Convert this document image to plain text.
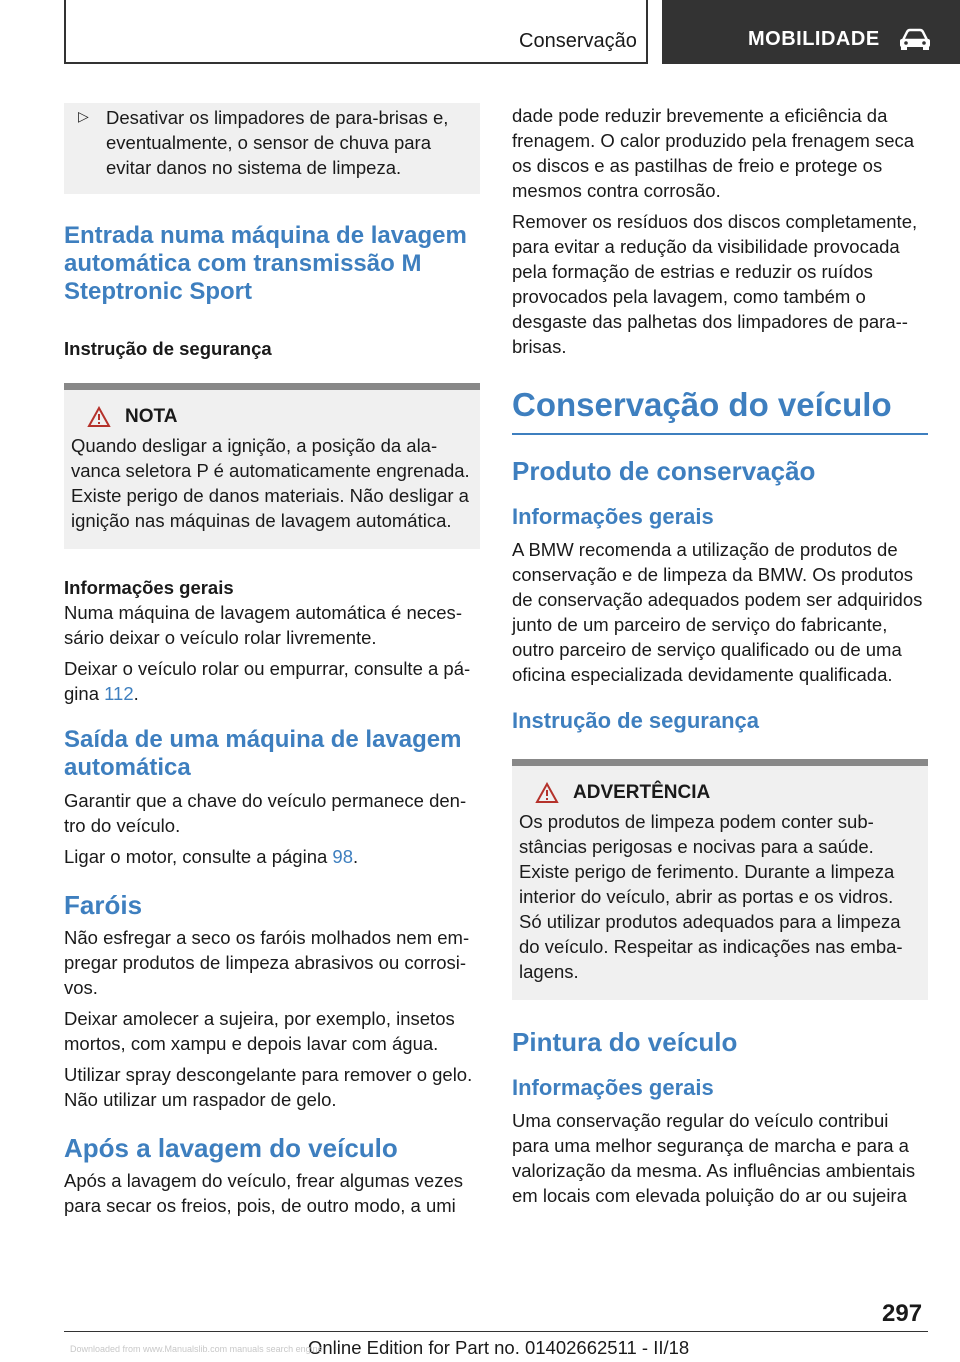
Conservação	MOBILIDADE
▷ Desativar os limpadores de para-brisas e, eventualmente, o sensor de chuva para evitar danos no sistema de limpeza.

Entrada numa máquina de lavagem automática com transmissão M Steptronic Sport

Instrução de segurança

NOTA

Quando desligar a ignição, a posição da alavanca seletora P é automaticamente engrenada. Existe perigo de danos materiais. Não desligar a ignição nas máquinas de lavagem automática.

Informações gerais

Numa máquina de lavagem automática é necessário deixar o veículo rolar livremente.

Deixar o veículo rolar ou empurrar, consulte a página 112.

Saída de uma máquina de lavagem automática

Garantir que a chave do veículo permanece dentro do veículo.

Ligar o motor, consulte a página 98.

Faróis

Não esfregar a seco os faróis molhados nem empregar produtos de limpeza abrasivos ou corrosivos.

Deixar amolecer a sujeira, por exemplo, insetos mortos, com xampu e depois lavar com água.

Utilizar spray descongelante para remover o gelo. Não utilizar um raspador de gelo.

Após a lavagem do veículo

Após a lavagem do veículo, frear algumas vezes para secar os freios, pois, de outro modo, a umi

dade pode reduzir brevemente a eficiência da frenagem. O calor produzido pela frenagem seca os discos e as pastilhas de freio e protege os mesmos contra corrosão.

Remover os resíduos dos discos completamente, para evitar a redução da visibilidade provocada pela formação de estrias e reduzir os ruídos provocados pela lavagem, como também o desgaste das palhetas dos limpadores de para-brisas.

Conservação do veículo

Produto de conservação

Informações gerais

A BMW recomenda a utilização de produtos de conservação e de limpeza da BMW. Os produtos de conservação adequados podem ser adquiridos junto de um parceiro de serviço do fabricante, outro parceiro de serviço qualificado ou de uma oficina especializada devidamente qualificada.

Instrução de segurança

ADVERTÊNCIA

Os produtos de limpeza podem conter substâncias perigosas e nocivas para a saúde. Existe perigo de ferimento. Durante a limpeza interior do veículo, abrir as portas e os vidros. Só utilizar produtos adequados para a limpeza do veículo. Respeitar as indicações nas embalagens.

Pintura do veículo

Informações gerais

Uma conservação regular do veículo contribui para uma melhor segurança de marcha e para a valorização da mesma. As influências ambientais em locais com elevada poluição do ar ou sujeira

297
Online Edition for Part no. 01402662511 - II/18
Downloaded from www.Manualslib.com manuals search engine
